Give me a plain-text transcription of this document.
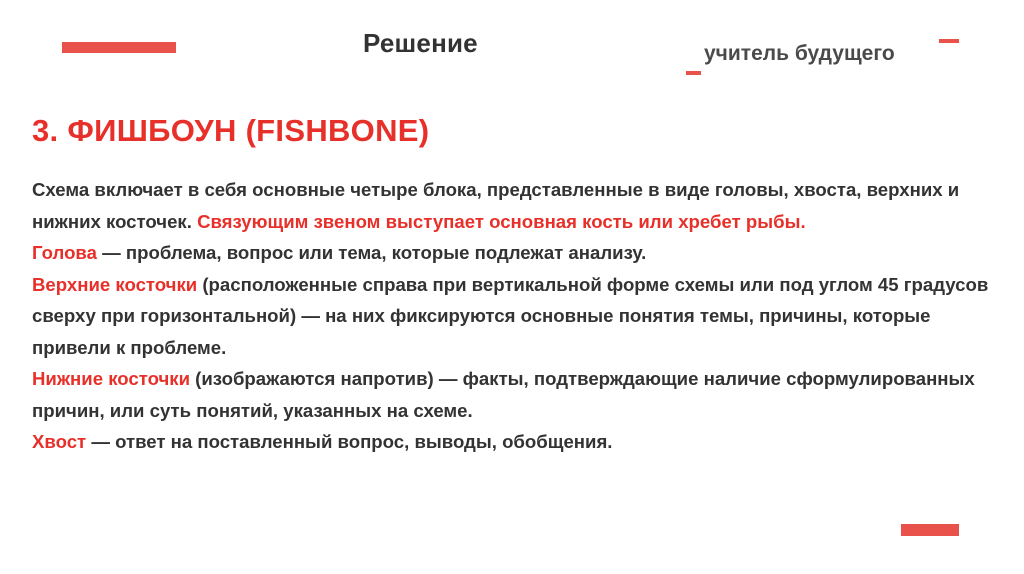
Решение	учитель будущего
3. ФИШБОУН (FISHBONE)

Схема включает в себя основные четыре блока, представленные в виде головы, хвоста, верхних и нижних косточек. Связующим звеном выступает основная кость или хребет рыбы.

Голова — проблема, вопрос или тема, которые подлежат анализу.

Верхние косточки (расположенные справа при вертикальной форме схемы или под углом 45 градусов сверху при горизонтальной) — на них фиксируются основные понятия темы, причины, которые привели к проблеме.

Нижние косточки (изображаются напротив) — факты, подтверждающие наличие сформулированных причин, или суть понятий, указанных на схеме.

Хвост — ответ на поставленный вопрос, выводы, обобщения.
